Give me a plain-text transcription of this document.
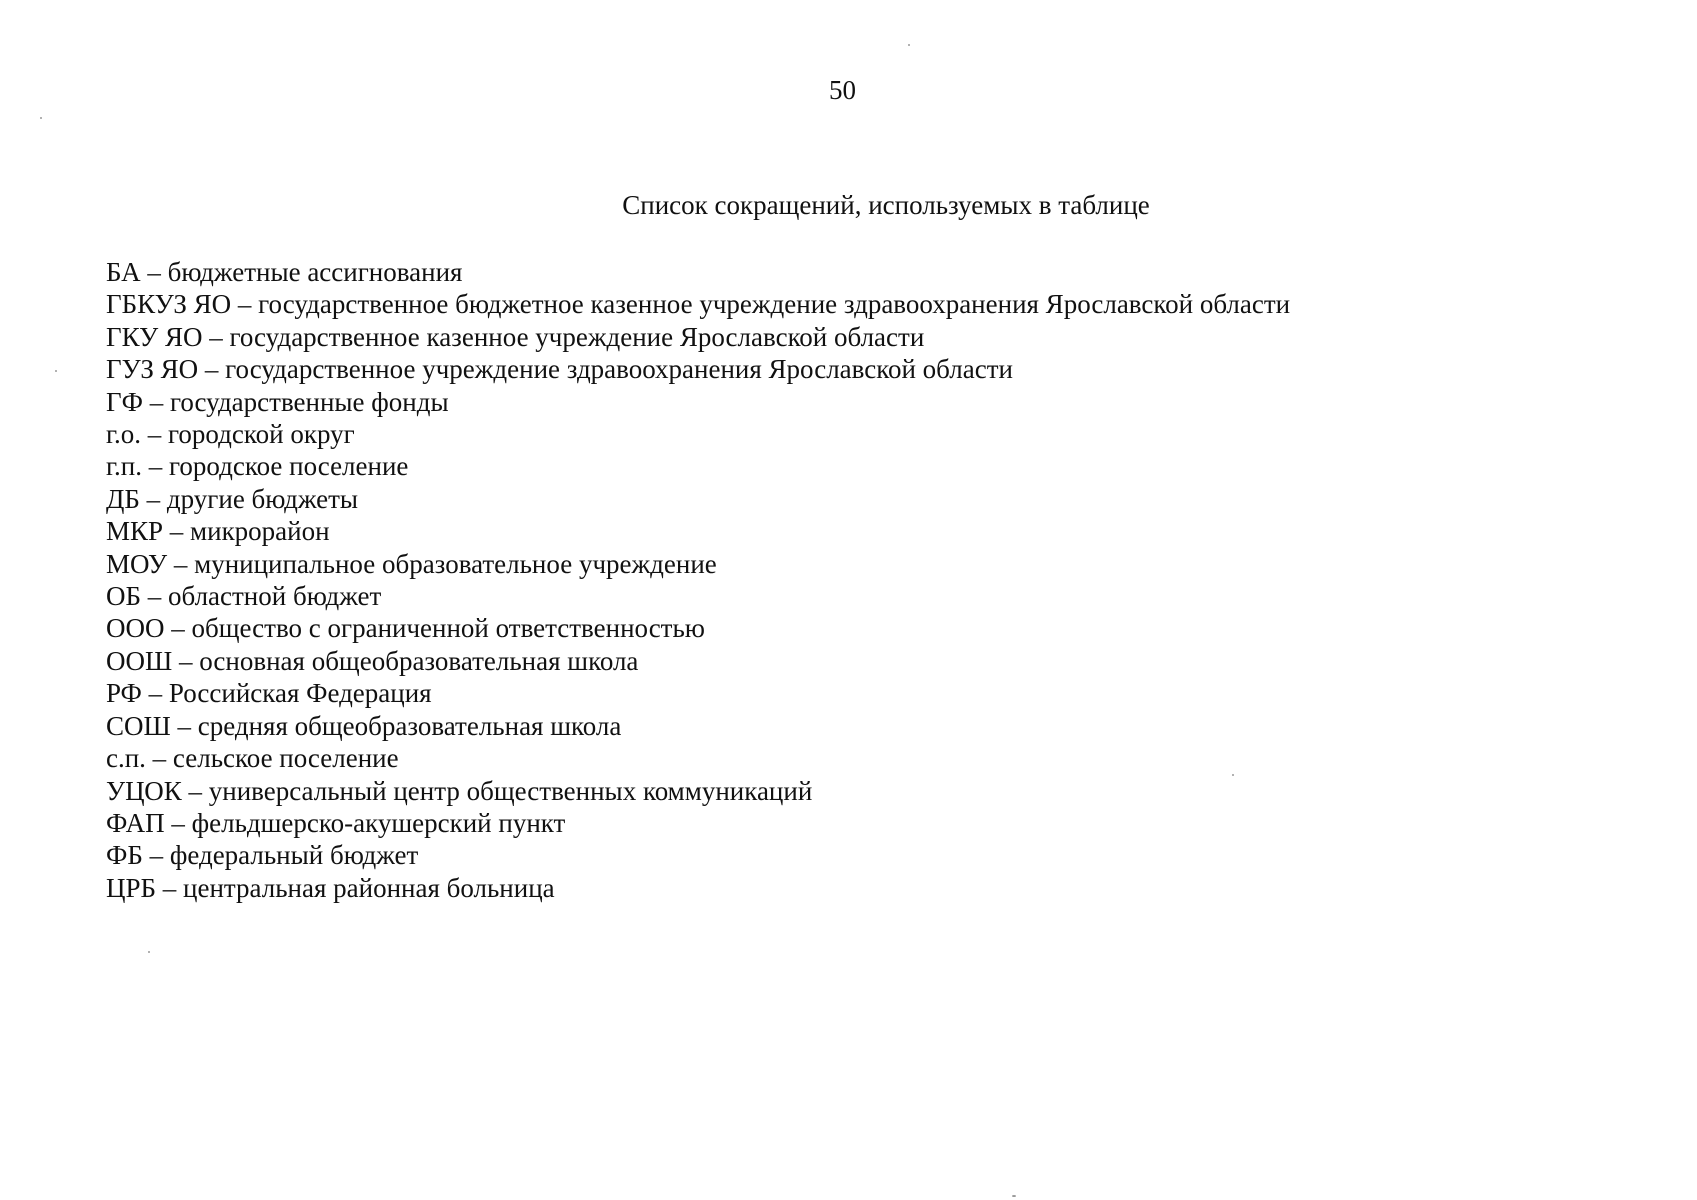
50
Список сокращений, используемых в таблице
БА – бюджетные ассигнования
ГБКУЗ ЯО – государственное бюджетное казенное учреждение здравоохранения Ярославской области
ГКУ ЯО – государственное казенное учреждение Ярославской области
ГУЗ ЯО – государственное учреждение здравоохранения Ярославской области
ГФ – государственные фонды
г.о. – городской округ
г.п. – городское поселение
ДБ – другие бюджеты
МКР – микрорайон
МОУ – муниципальное образовательное учреждение
ОБ – областной бюджет
ООО – общество с ограниченной ответственностью
ООШ – основная общеобразовательная школа
РФ – Российская Федерация
СОШ – средняя общеобразовательная школа
с.п. – сельское поселение
УЦОК – универсальный центр общественных коммуникаций
ФАП – фельдшерско-акушерский пункт
ФБ – федеральный бюджет
ЦРБ – центральная районная больница
